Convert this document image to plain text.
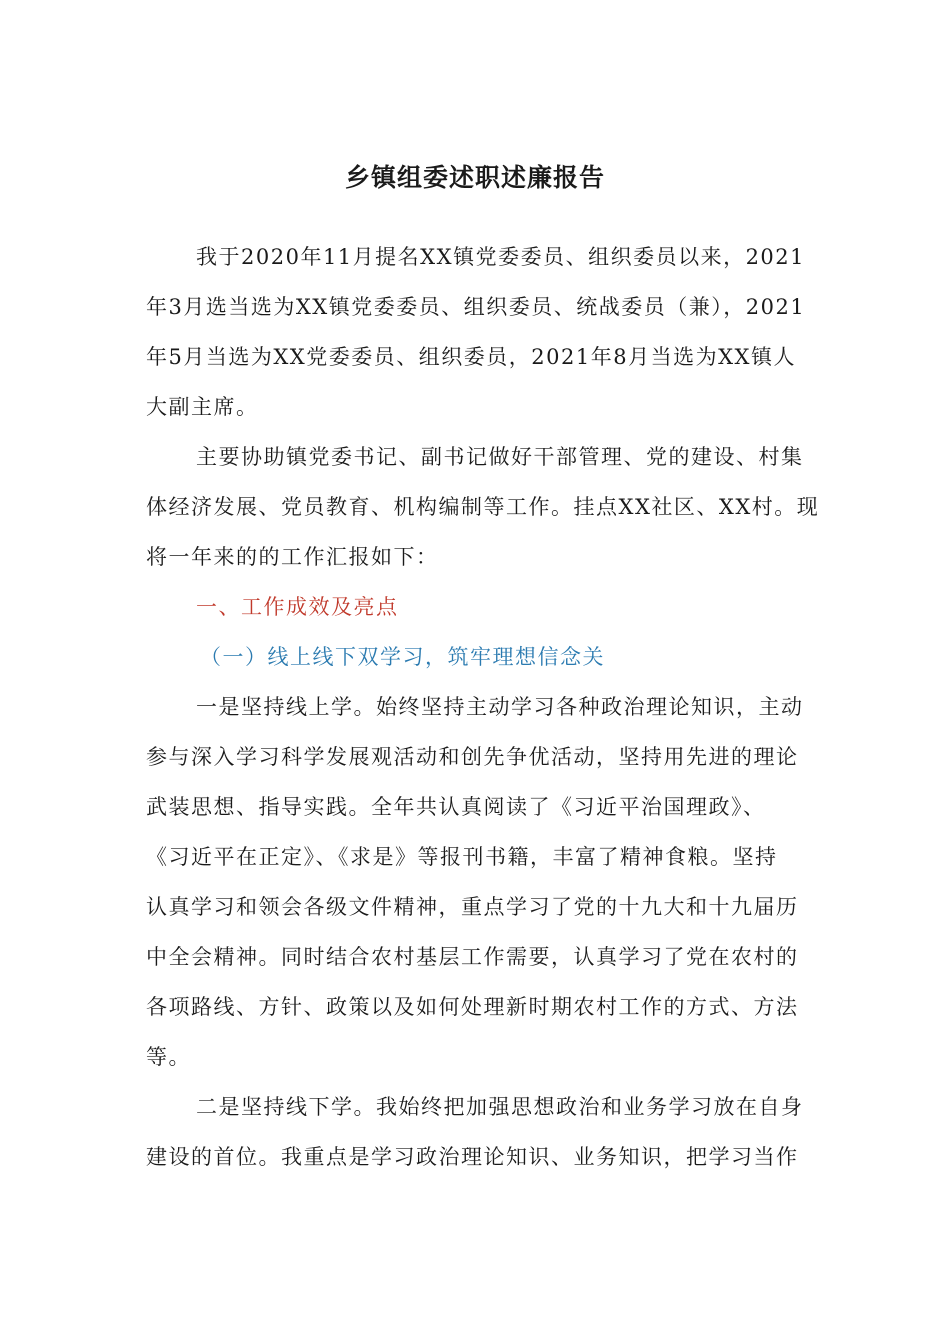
乡镇组委述职述廉报告

我于2020年11月提名XX镇党委委员、组织委员以来，2021
年3月选当选为XX镇党委委员、组织委员、统战委员（兼），2021
年5月当选为XX党委委员、组织委员，2021年8月当选为XX镇人
大副主席。

主要协助镇党委书记、副书记做好干部管理、党的建设、村集
体经济发展、党员教育、机构编制等工作。挂点XX社区、XX村。现
将一年来的的工作汇报如下：

一、工作成效及亮点

（一）线上线下双学习，筑牢理想信念关

一是坚持线上学。始终坚持主动学习各种政治理论知识，主动
参与深入学习科学发展观活动和创先争优活动，坚持用先进的理论
武装思想、指导实践。全年共认真阅读了《习近平治国理政》、
《习近平在正定》、《求是》等报刊书籍，丰富了精神食粮。坚持
认真学习和领会各级文件精神，重点学习了党的十九大和十九届历
中全会精神。同时结合农村基层工作需要，认真学习了党在农村的
各项路线、方针、政策以及如何处理新时期农村工作的方式、方法
等。

二是坚持线下学。我始终把加强思想政治和业务学习放在自身
建设的首位。我重点是学习政治理论知识、业务知识，把学习当作
